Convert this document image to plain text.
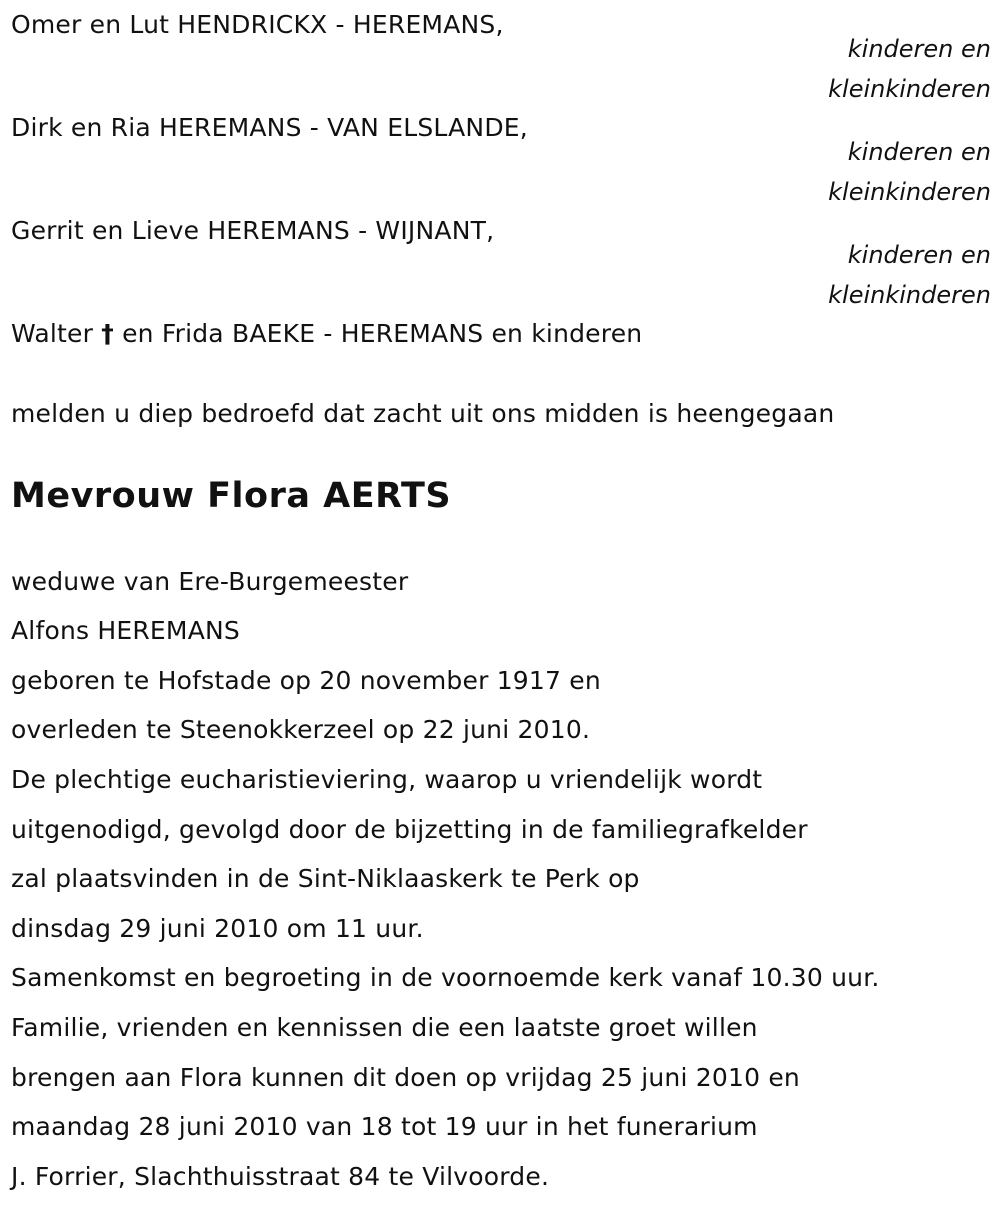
Omer en Lut HENDRICKX - HEREMANS,
kinderen en
kleinkinderen
Dirk en Ria HEREMANS - VAN ELSLANDE,
kinderen en
kleinkinderen
Gerrit en Lieve HEREMANS - WIJNANT,
kinderen en
kleinkinderen
Walter † en Frida BAEKE - HEREMANS en kinderen
melden u diep bedroefd dat zacht uit ons midden is heengegaan
Mevrouw Flora AERTS
weduwe van Ere-Burgemeester
Alfons HEREMANS
geboren te Hofstade op 20 november 1917 en
overleden te Steenokkerzeel op 22 juni 2010.
De plechtige eucharistieviering, waarop u vriendelijk wordt
uitgenodigd, gevolgd door de bijzetting in de familiegrafkelder
zal plaatsvinden in de Sint-Niklaaskerk te Perk op
dinsdag 29 juni 2010 om 11 uur.
Samenkomst en begroeting in de voornoemde kerk vanaf 10.30 uur.
Familie, vrienden en kennissen die een laatste groet willen
brengen aan Flora kunnen dit doen op vrijdag 25 juni 2010 en
maandag 28 juni 2010 van 18 tot 19 uur in het funerarium
J. Forrier, Slachthuisstraat 84 te Vilvoorde.
